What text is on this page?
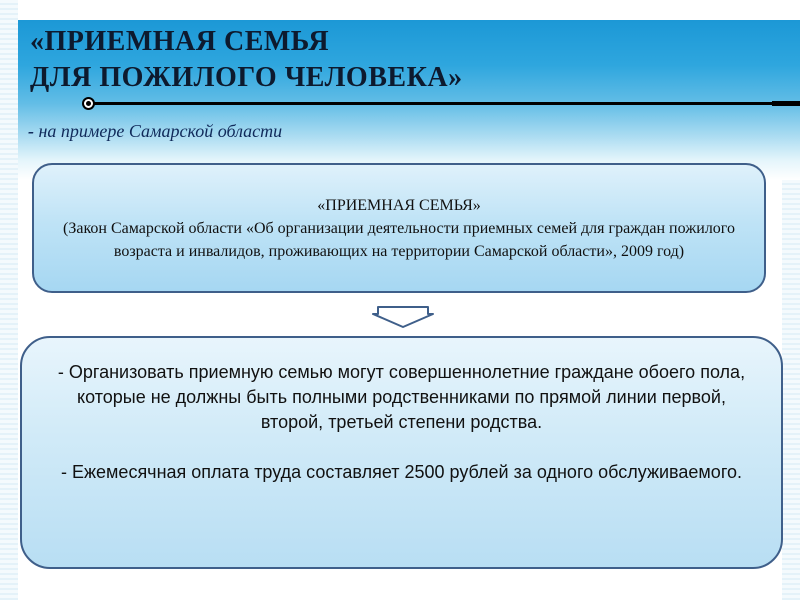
«ПРИЕМНАЯ СЕМЬЯ
ДЛЯ ПОЖИЛОГО ЧЕЛОВЕКА»
- на примере Самарской области
«ПРИЕМНАЯ СЕМЬЯ»
(Закон Самарской области «Об организации деятельности приемных семей для граждан пожилого возраста и инвалидов, проживающих на территории Самарской области», 2009 год)

- Организовать приемную семью могут совершеннолетние граждане обоего пола, которые не должны быть полными родственниками по прямой линии первой, второй, третьей степени родства.

- Ежемесячная оплата труда составляет 2500 рублей за одного обслуживаемого.
